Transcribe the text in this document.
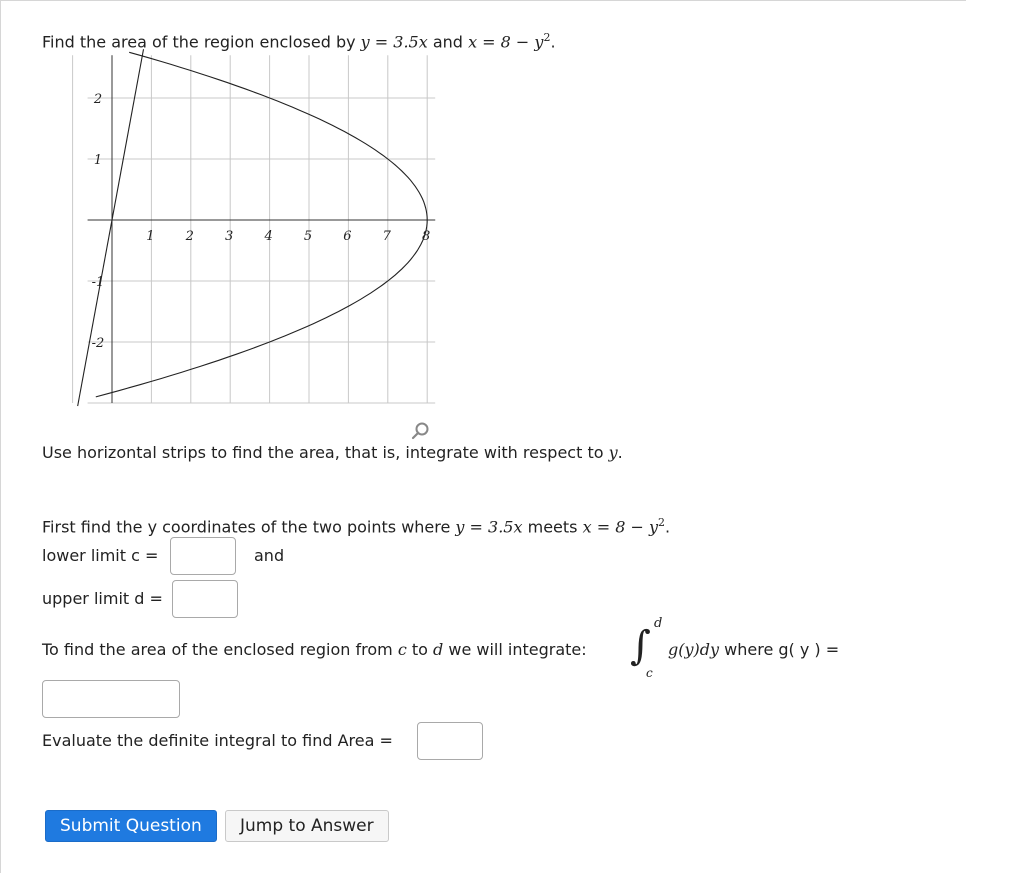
Find the area of the region enclosed by y = 3.5x and $x = 8 - y^2$.
1 2 3 4 5 6 7 8
2
1
-1
-2
Use horizontal strips to find the area, that is, integrate with respect to y.
First find the y coordinates of the two points where y = 3.5x meets $x = 8 - y^2$.
lower limit c =	and
upper limit d =
To find the area of the enclosed region from c to d we will integrate: ∫ d
c
g(y)dy where g( y ) =
Evaluate the definite integral to find Area =
Submit Question	Jump to Answer
